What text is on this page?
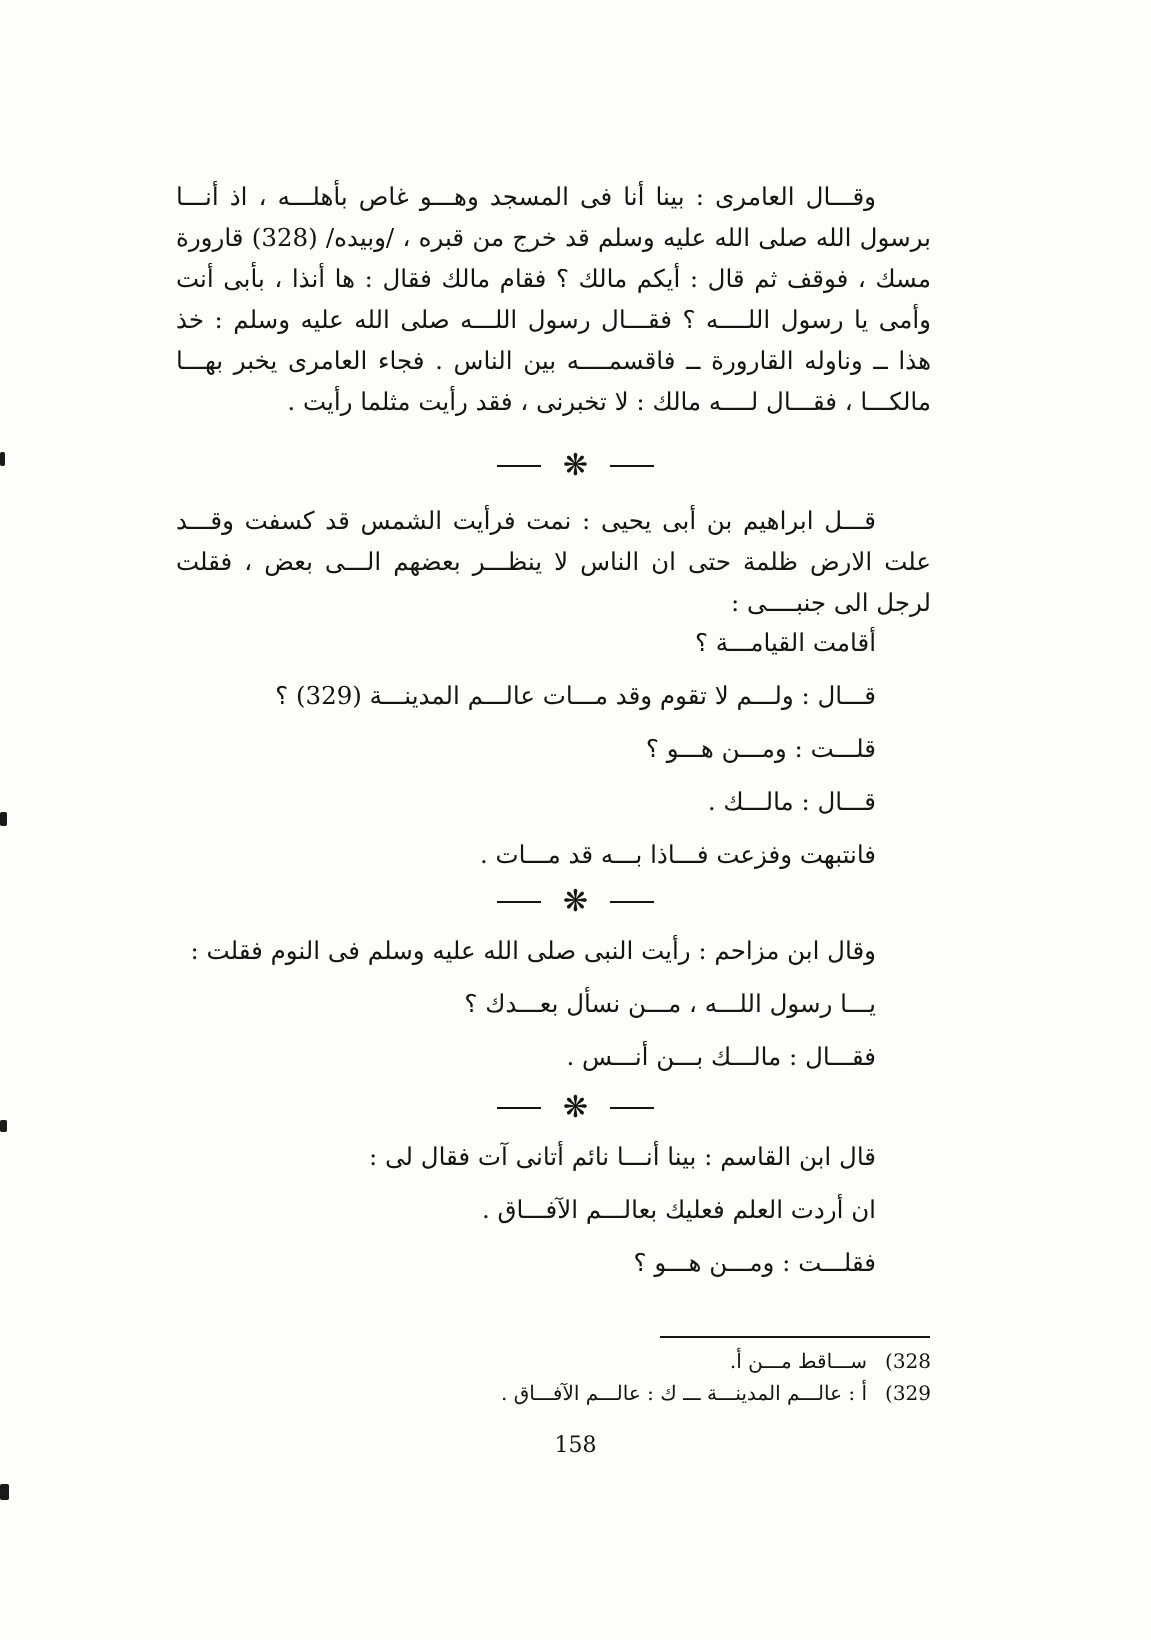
وقـــال العامرى : بينا أنا فى المسجد وهـــو غاص بأهلـــه ، اذ أنـــا برسول الله صلى الله عليه وسلم قد خرج من قبره ، /وبيده/ (328) قارورة مسك ، فوقف ثم قال : أيكم مالك ؟ فقام مالك فقال : ها أنذا ، بأبى أنت وأمى يا رسول اللــــه ؟ فقـــال رسول اللـــه صلى الله عليه وسلم : خذ هذا ــ وناوله القارورة ــ فاقسمــــه بين الناس . فجاء العامرى يخبر بهـــا مالكـــا ، فقـــال لــــه مالك : لا تخبرنى ، فقد رأيت مثلما رأيت .

❋

قـــل ابراهيم بن أبى يحيى : نمت فرأيت الشمس قد كسفت وقـــد علت الارض ظلمة حتى ان الناس لا ينظـــر بعضهم الـــى بعض ، فقلت لرجل الى جنبــــى :

أقامت القيامـــة ؟

قـــال : ولـــم لا تقوم وقد مـــات عالـــم المدينـــة (329) ؟

قلـــت : ومـــن هـــو ؟

قـــال : مالـــك .

فانتبهت وفزعت فـــاذا بـــه قد مـــات .

❋

وقال ابن مزاحم : رأيت النبى صلى الله عليه وسلم فى النوم فقلت :

يـــا رسول اللـــه ، مـــن نسأل بعـــدك ؟

فقـــال : مالـــك بـــن أنـــس .

❋

قال ابن القاسم : بينا أنـــا نائم أتانى آت فقال لى :

ان أردت العلم فعليك بعالـــم الآفـــاق .

فقلـــت : ومـــن هـــو ؟

(328ســـاقط مـــن أ.
(329أ : عالـــم المدينـــة ـــ ك : عالـــم الآفـــاق .
158
